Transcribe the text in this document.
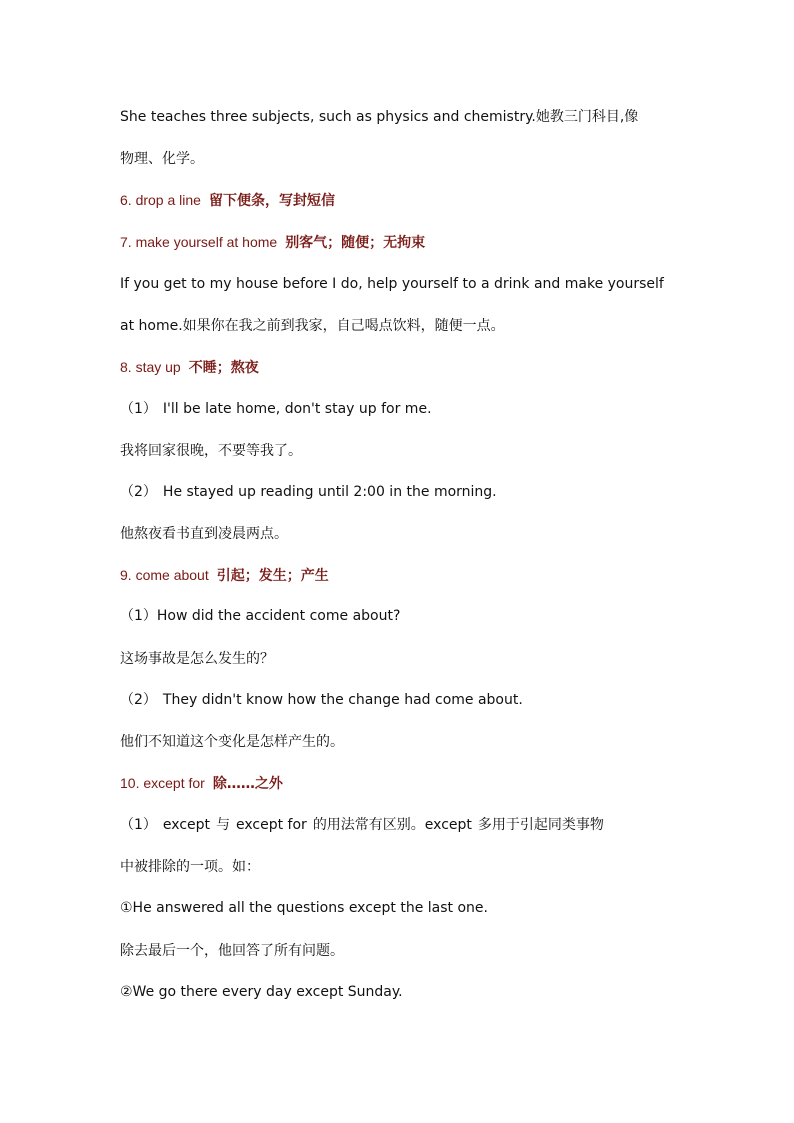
She teaches three subjects, such as physics and chemistry.她教三门科目,像
物理、化学。
6. drop a line 留下便条，写封短信
7. make yourself at home 别客气；随便；无拘束
If you get to my house before I do, help yourself to a drink and make yourself
at home.如果你在我之前到我家，自己喝点饮料，随便一点。
8. stay up 不睡；熬夜
（1） I'll be late home, don't stay up for me.
我将回家很晚，不要等我了。
（2） He stayed up reading until 2:00 in the morning.
他熬夜看书直到凌晨两点。
9. come about 引起；发生；产生
（1）How did the accident come about?
这场事故是怎么发生的？
（2） They didn't know how the change had come about.
他们不知道这个变化是怎样产生的。
10. except for 除……之外
（1） except 与 except for 的用法常有区别。except 多用于引起同类事物
中被排除的一项。如：
①He answered all the questions except the last one.
除去最后一个，他回答了所有问题。
②We go there every day except Sunday.
